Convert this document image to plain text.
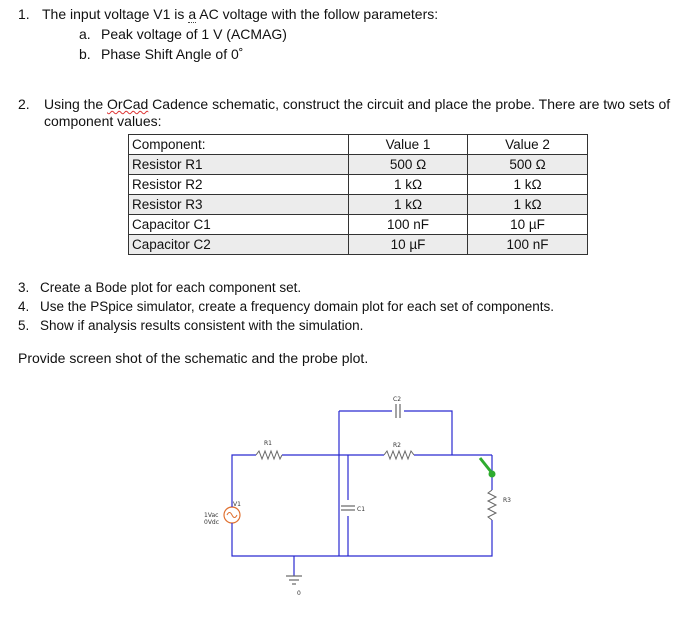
1. The input voltage V1 is a AC voltage with the follow parameters:
a. Peak voltage of 1 V (ACMAG)
b. Phase Shift Angle of 0˚
2. Using the OrCad Cadence schematic, construct the circuit and place the probe. There are two sets of
component values:
Component:	Value 1	Value 2
Resistor R1	500 Ω	500 Ω
Resistor R2	1 kΩ	1 kΩ
Resistor R3	1 kΩ	1 kΩ
Capacitor C1	100 nF	10 µF
Capacitor C2	10 µF	100 nF
3. Create a Bode plot for each component set.
4. Use the PSpice simulator, create a frequency domain plot for each set of components.
5. Show if analysis results consistent with the simulation.
Provide screen shot of the schematic and the probe plot.
R1	R2
R3
C1
C2
V1
1Vac
0Vdc
0
